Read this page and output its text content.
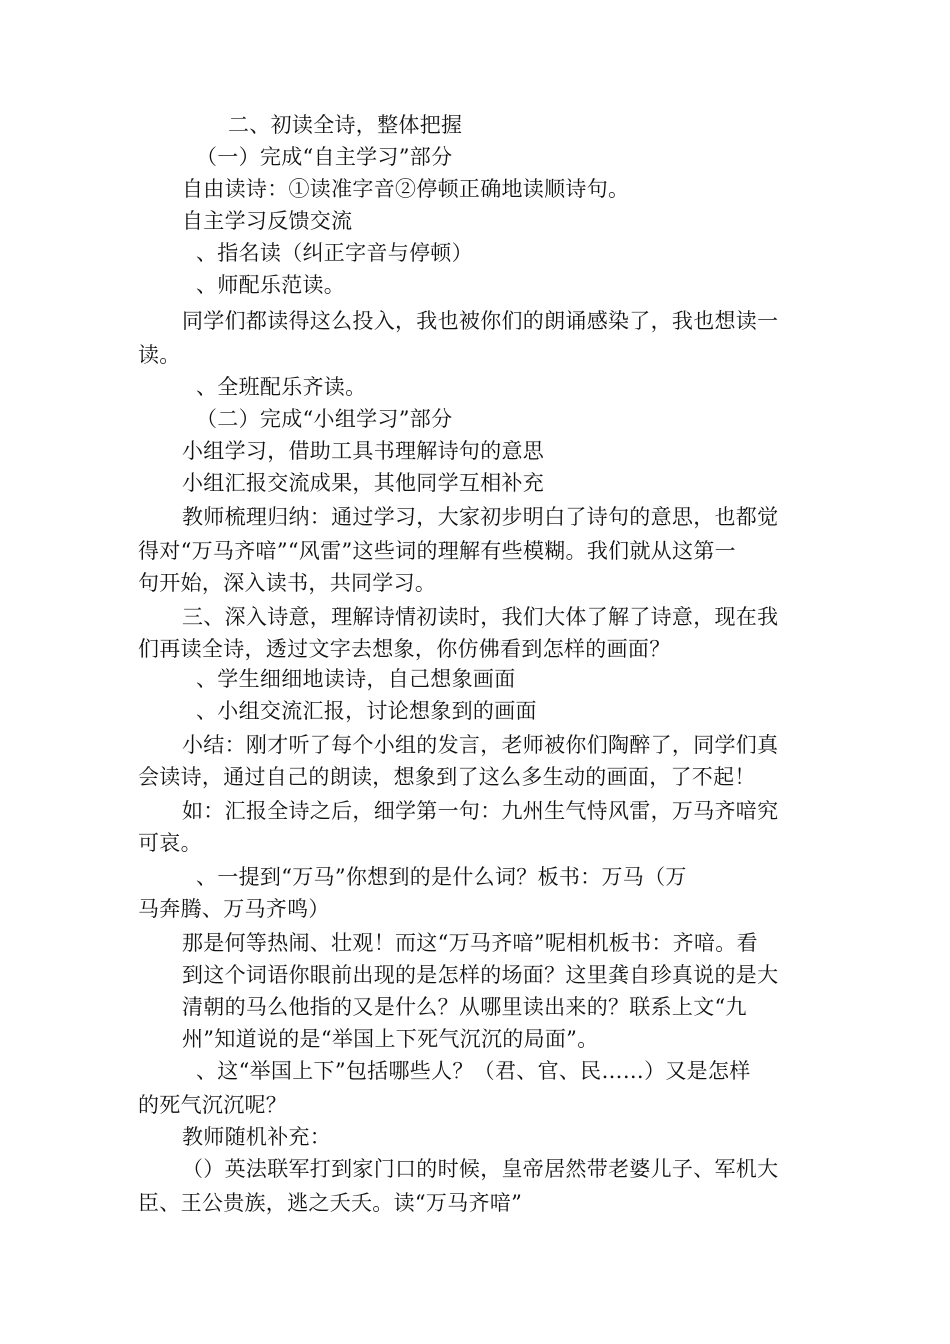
二、初读全诗，整体把握
（一）完成“自主学习”部分
自由读诗：①读准字音②停顿正确地读顺诗句。
自主学习反馈交流
、指名读（纠正字音与停顿）
、师配乐范读。
同学们都读得这么投入，我也被你们的朗诵感染了，我也想读一
读。
、全班配乐齐读。
（二）完成“小组学习”部分
小组学习，借助工具书理解诗句的意思
小组汇报交流成果，其他同学互相补充
教师梳理归纳：通过学习，大家初步明白了诗句的意思，也都觉
得对“万马齐喑”“风雷”这些词的理解有些模糊。我们就从这第一
句开始，深入读书，共同学习。
三、深入诗意，理解诗情初读时，我们大体了解了诗意，现在我
们再读全诗，透过文字去想象，你仿佛看到怎样的画面？
、学生细细地读诗，自己想象画面
、小组交流汇报，讨论想象到的画面
小结：刚才听了每个小组的发言，老师被你们陶醉了，同学们真
会读诗，通过自己的朗读，想象到了这么多生动的画面，了不起！
如：汇报全诗之后，细学第一句：九州生气恃风雷，万马齐喑究
可哀。
、一提到“万马”你想到的是什么词？板书：万马（万
马奔腾、万马齐鸣）
那是何等热闹、壮观！而这“万马齐喑”呢相机板书：齐喑。看
到这个词语你眼前出现的是怎样的场面？这里龚自珍真说的是大
清朝的马么他指的又是什么？从哪里读出来的？联系上文“九
州”知道说的是“举国上下死气沉沉的局面”。
、这“举国上下”包括哪些人？（君、官、民……）又是怎样
的死气沉沉呢？
教师随机补充：
（）英法联军打到家门口的时候，皇帝居然带老婆儿子、军机大
臣、王公贵族，逃之夭夭。读“万马齐喑”
